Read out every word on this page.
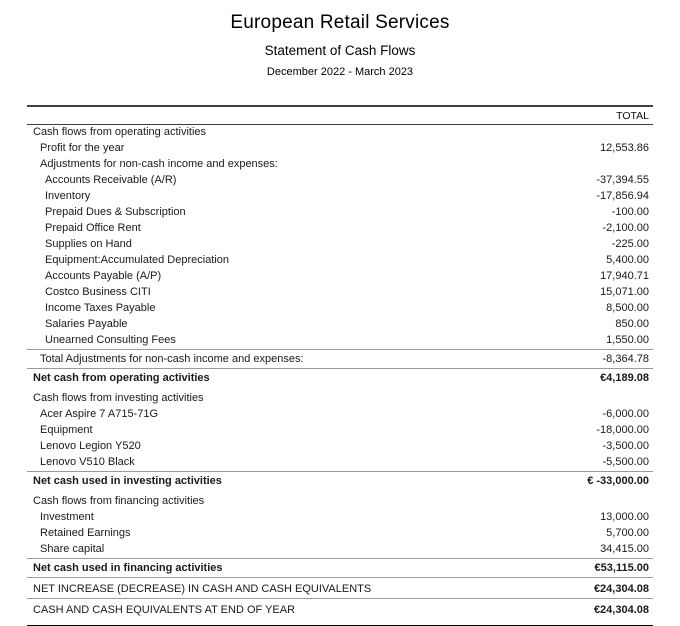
European Retail Services
Statement of Cash Flows
December 2022 - March 2023
TOTAL
Cash flows from operating activities
Profit for the year	12,553.86
Adjustments for non-cash income and expenses:
Accounts Receivable (A/R)	-37,394.55
Inventory	-17,856.94
Prepaid Dues & Subscription	-100.00
Prepaid Office Rent	-2,100.00
Supplies on Hand	-225.00
Equipment:Accumulated Depreciation	5,400.00
Accounts Payable (A/P)	17,940.71
Costco Business CITI	15,071.00
Income Taxes Payable	8,500.00
Salaries Payable	850.00
Unearned Consulting Fees	1,550.00
Total Adjustments for non-cash income and expenses:	-8,364.78
Net cash from operating activities	€4,189.08
Cash flows from investing activities
Acer Aspire 7 A715-71G	-6,000.00
Equipment	-18,000.00
Lenovo Legion Y520	-3,500.00
Lenovo V510 Black	-5,500.00
Net cash used in investing activities	€ -33,000.00
Cash flows from financing activities
Investment	13,000.00
Retained Earnings	5,700.00
Share capital	34,415.00
Net cash used in financing activities	€53,115.00
NET INCREASE (DECREASE) IN CASH AND CASH EQUIVALENTS	€24,304.08
CASH AND CASH EQUIVALENTS AT END OF YEAR	€24,304.08
